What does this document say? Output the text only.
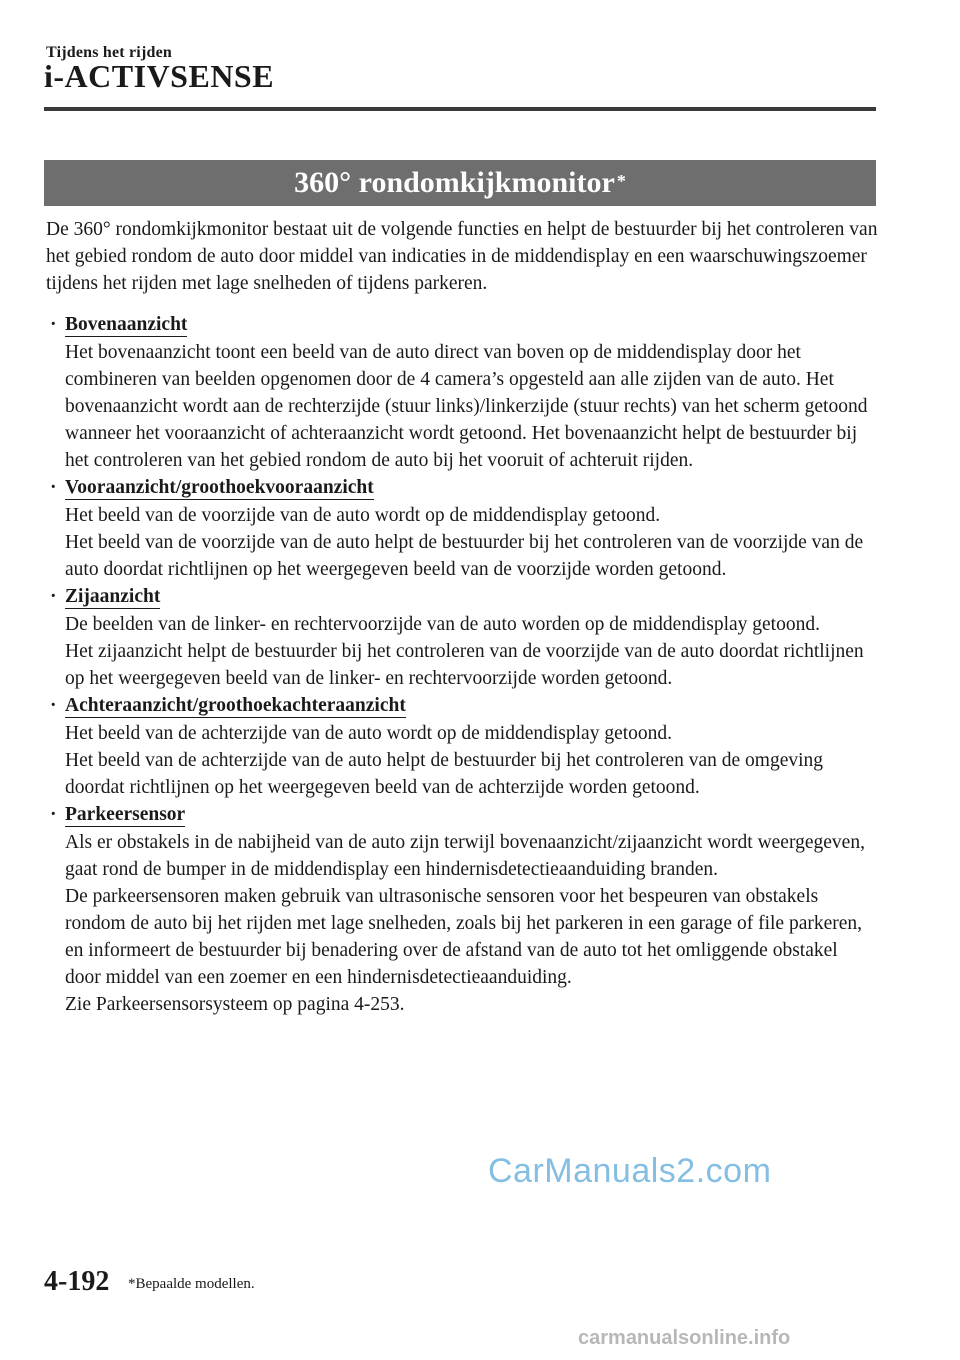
Tijdens het rijden
i-ACTIVSENSE
360° rondomkijkmonitor*

De 360° rondomkijkmonitor bestaat uit de volgende functies en helpt de bestuurder bij het controleren van het gebied rondom de auto door middel van indicaties in de middendisplay en een waarschuwingszoemer tijdens het rijden met lage snelheden of tijdens parkeren.

· Bovenaanzicht

Het bovenaanzicht toont een beeld van de auto direct van boven op de middendisplay door het combineren van beelden opgenomen door de 4 camera’s opgesteld aan alle zijden van de auto. Het bovenaanzicht wordt aan de rechterzijde (stuur links)/linkerzijde (stuur rechts) van het scherm getoond wanneer het vooraanzicht of achteraanzicht wordt getoond. Het bovenaanzicht helpt de bestuurder bij het controleren van het gebied rondom de auto bij het vooruit of achteruit rijden.

· Vooraanzicht/groothoekvooraanzicht

Het beeld van de voorzijde van de auto wordt op de middendisplay getoond.

Het beeld van de voorzijde van de auto helpt de bestuurder bij het controleren van de voorzijde van de auto doordat richtlijnen op het weergegeven beeld van de voorzijde worden getoond.

· Zijaanzicht

De beelden van de linker- en rechtervoorzijde van de auto worden op de middendisplay getoond.

Het zijaanzicht helpt de bestuurder bij het controleren van de voorzijde van de auto doordat richtlijnen op het weergegeven beeld van de linker- en rechtervoorzijde worden getoond.

· Achteraanzicht/groothoekachteraanzicht

Het beeld van de achterzijde van de auto wordt op de middendisplay getoond.

Het beeld van de achterzijde van de auto helpt de bestuurder bij het controleren van de omgeving doordat richtlijnen op het weergegeven beeld van de achterzijde worden getoond.

· Parkeersensor

Als er obstakels in de nabijheid van de auto zijn terwijl bovenaanzicht/zijaanzicht wordt weergegeven, gaat rond de bumper in de middendisplay een hindernisdetectieaanduiding branden.

De parkeersensoren maken gebruik van ultrasonische sensoren voor het bespeuren van obstakels rondom de auto bij het rijden met lage snelheden, zoals bij het parkeren in een garage of file parkeren, en informeert de bestuurder bij benadering over de afstand van de auto tot het omliggende obstakel door middel van een zoemer en een hindernisdetectieaanduiding.

Zie Parkeersensorsysteem op pagina 4-253.

4-192 *Bepaalde modellen.
CarManuals2.com
carmanualsonline.info
